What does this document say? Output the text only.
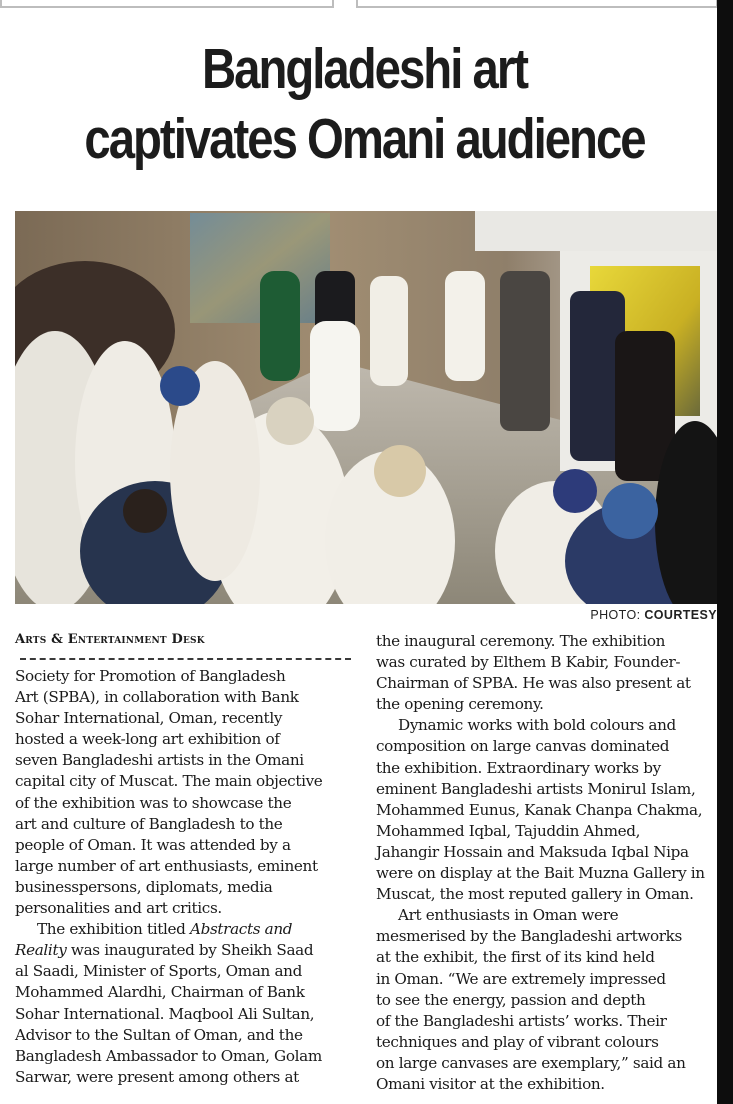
Bangladeshi art
captivates Omani audience
PHOTO: COURTESY
Arts & Entertainment Desk

Society for Promotion of Bangladesh
Art (SPBA), in collaboration with Bank
Sohar International, Oman, recently
hosted a week-long art exhibition of
seven Bangladeshi artists in the Omani
capital city of Muscat. The main objective
of the exhibition was to showcase the
art and culture of Bangladesh to the
people of Oman. It was attended by a
large number of art enthusiasts, eminent
businesspersons, diplomats, media
personalities and art critics.

The exhibition titled Abstracts and
Reality was inaugurated by Sheikh Saad
al Saadi, Minister of Sports, Oman and
Mohammed Alardhi, Chairman of Bank
Sohar International. Maqbool Ali Sultan,
Advisor to the Sultan of Oman, and the
Bangladesh Ambassador to Oman, Golam
Sarwar, were present among others at

the inaugural ceremony. The exhibition
was curated by Elthem B Kabir, Founder-
Chairman of SPBA. He was also present at
the opening ceremony.

Dynamic works with bold colours and
composition on large canvas dominated
the exhibition. Extraordinary works by
eminent Bangladeshi artists Monirul Islam,
Mohammed Eunus, Kanak Chanpa Chakma,
Mohammed Iqbal, Tajuddin Ahmed,
Jahangir Hossain and Maksuda Iqbal Nipa
were on display at the Bait Muzna Gallery in
Muscat, the most reputed gallery in Oman.

Art enthusiasts in Oman were
mesmerised by the Bangladeshi artworks
at the exhibit, the first of its kind held
in Oman. “We are extremely impressed
to see the energy, passion and depth
of the Bangladeshi artists’ works. Their
techniques and play of vibrant colours
on large canvases are exemplary,” said an
Omani visitor at the exhibition.
